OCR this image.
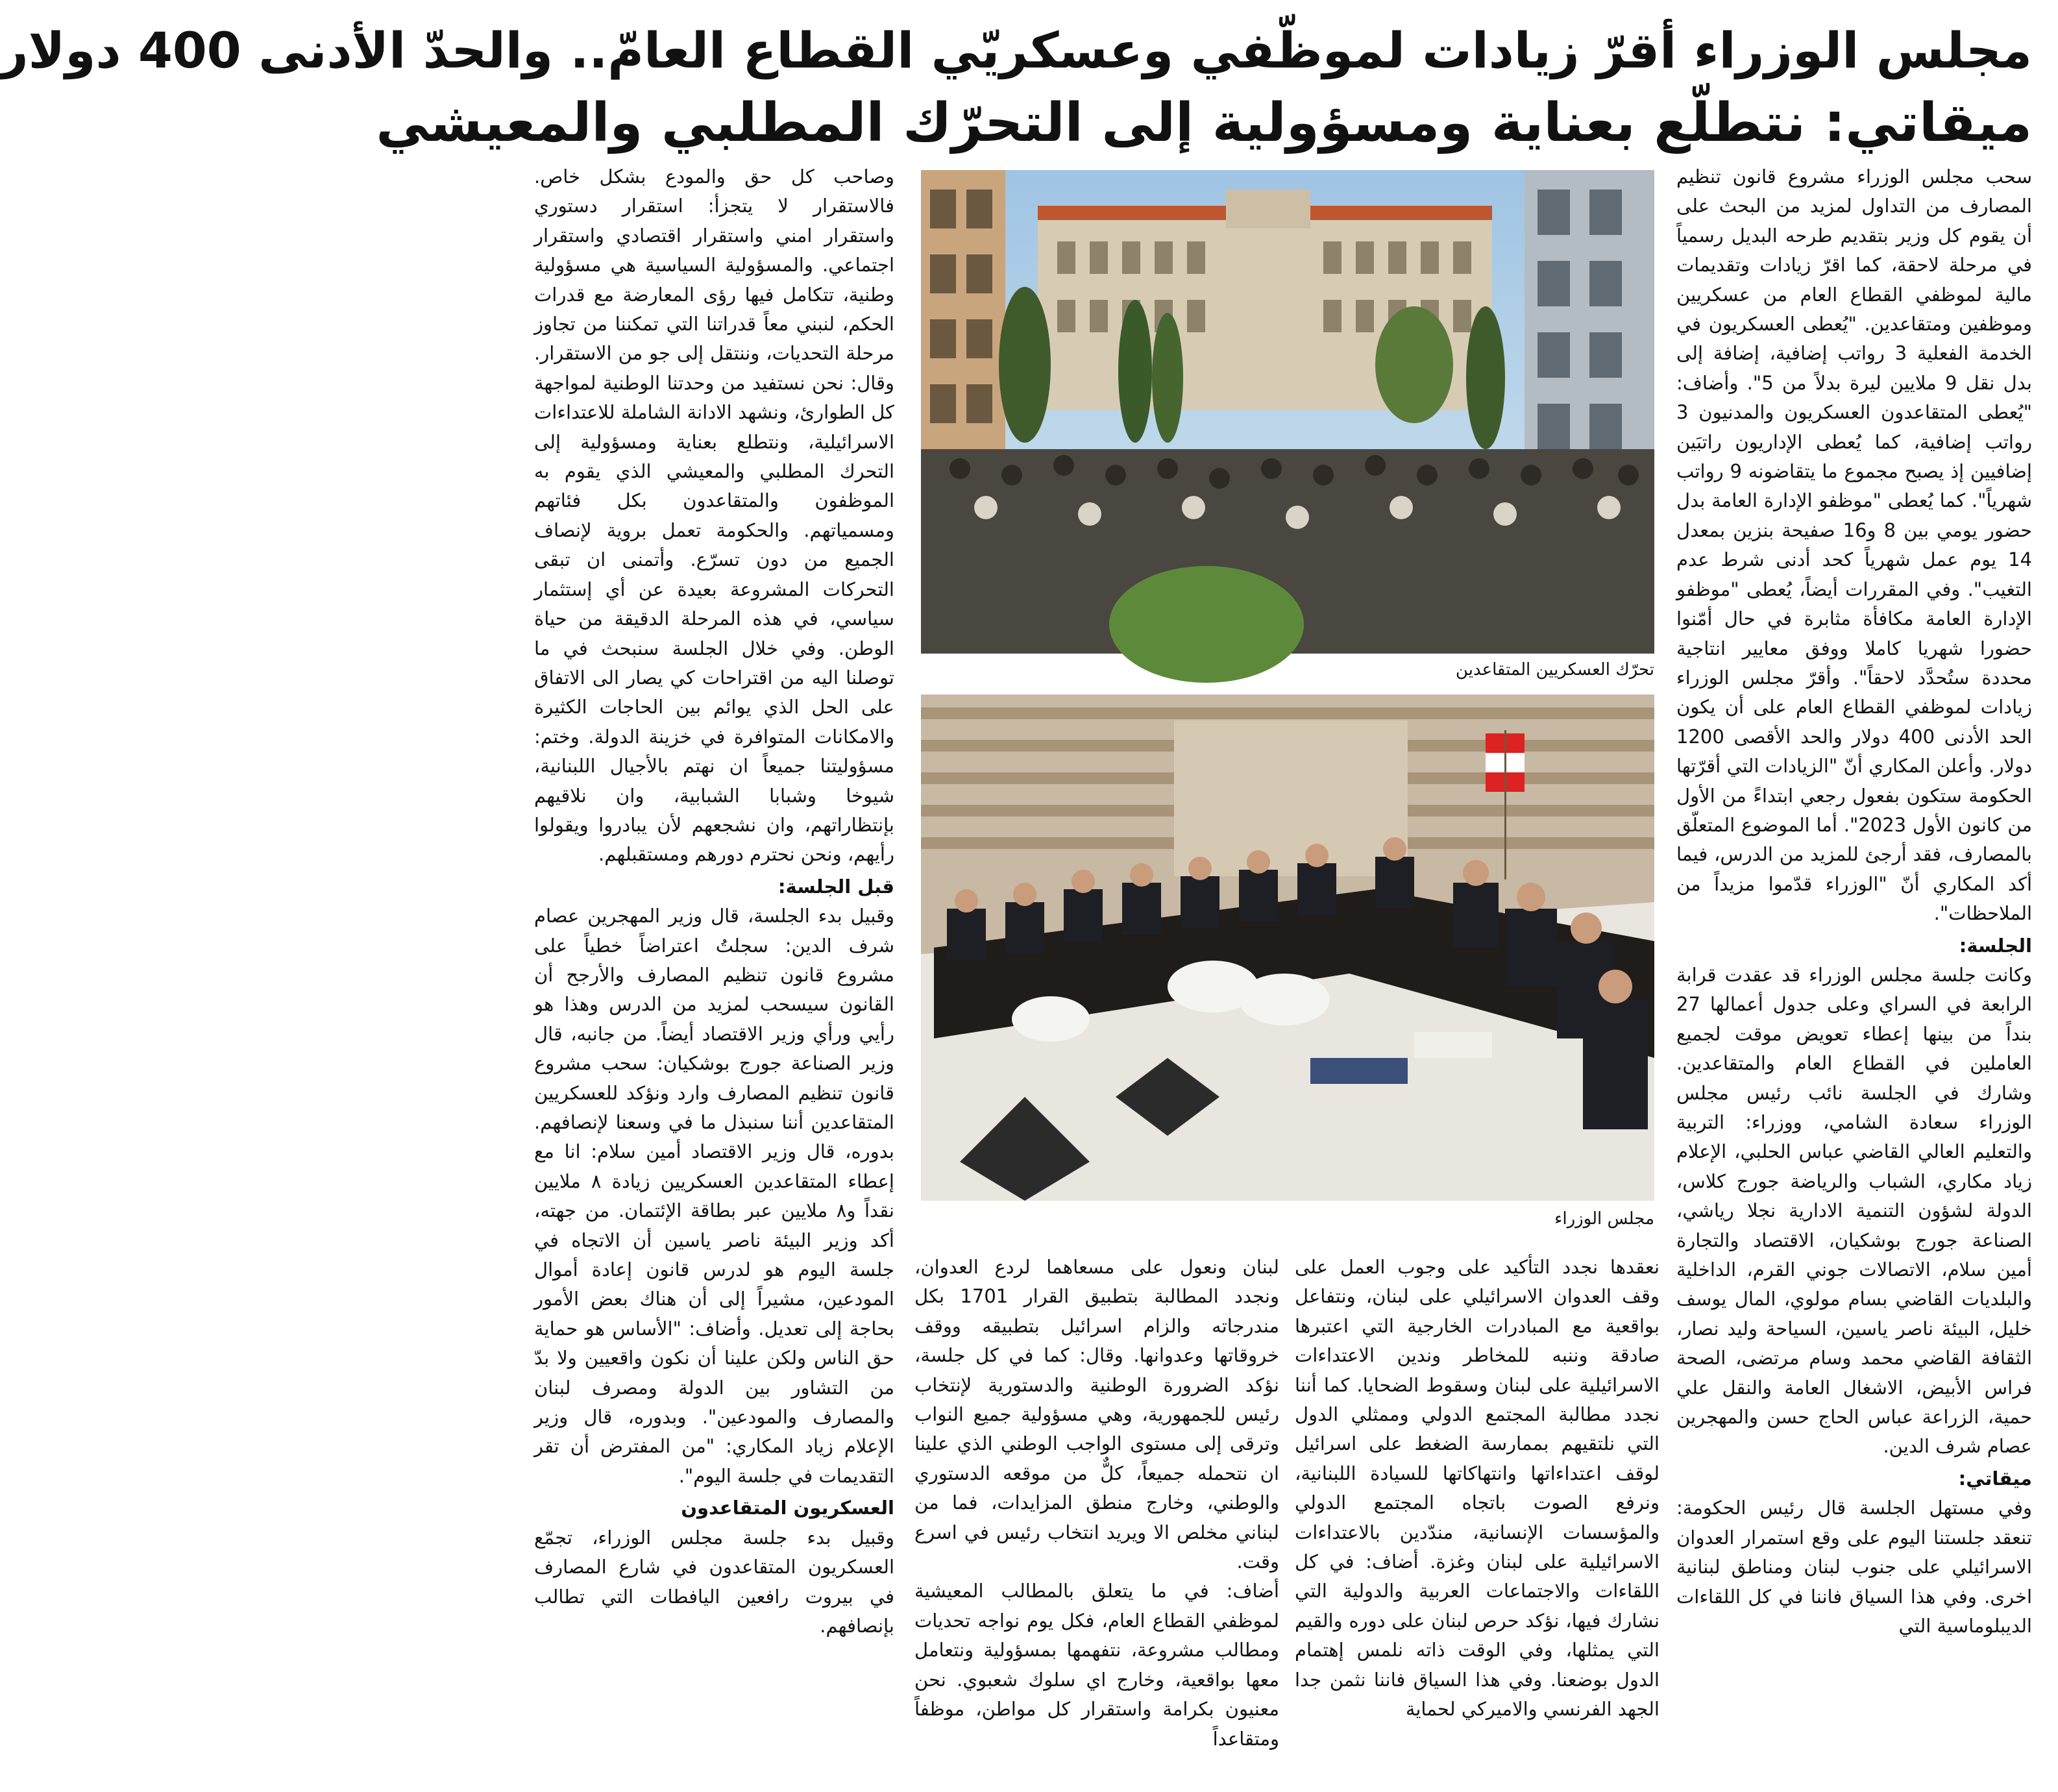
مجلس الوزراء أقرّ زيادات لموظّفي وعسكريّي القطاع العامّ.. والحدّ الأدنى 400 دولار
ميقاتي: نتطلّع بعناية ومسؤولية إلى التحرّك المطلبي والمعيشي

سحب مجلس الوزراء مشروع قانون تنظيم المصارف من التداول لمزيد من البحث على أن يقوم كل وزير بتقديم طرحه البديل رسمياً في مرحلة لاحقة، كما اقرّ زيادات وتقديمات مالية لموظفي القطاع العام من عسكريين وموظفين ومتقاعدين. "يُعطى العسكريون في الخدمة الفعلية 3 رواتب إضافية، إضافة إلى بدل نقل 9 ملايين ليرة بدلاً من 5". وأضاف: "يُعطى المتقاعدون العسكريون والمدنيون 3 رواتب إضافية، كما يُعطى الإداريون راتبَين إضافيين إذ يصبح مجموع ما يتقاضونه 9 رواتب شهرياً". كما يُعطى "موظفو الإدارة العامة بدل حضور يومي بين 8 و16 صفيحة بنزين بمعدل 14 يوم عمل شهرياً كحد أدنى شرط عدم التغيب". وفي المقررات أيضاً، يُعطى "موظفو الإدارة العامة مكافأة مثابرة في حال أمّنوا حضورا شهريا كاملا ووفق معايير انتاجية محددة ستُحدَّد لاحقاً". وأقرّ مجلس الوزراء زيادات لموظفي القطاع العام على أن يكون الحد الأدنى 400 دولار والحد الأقصى 1200 دولار. وأعلن المكاري أنّ "الزيادات التي أقرّتها الحكومة ستكون بفعول رجعي ابتداءً من الأول من كانون الأول 2023". أما الموضوع المتعلّق بالمصارف، فقد أرجئ للمزيد من الدرس، فيما أكد المكاري أنّ "الوزراء قدّموا مزيداً من الملاحظات".

الجلسة:

وكانت جلسة مجلس الوزراء قد عقدت قرابة الرابعة في السراي وعلى جدول أعمالها 27 بنداً من بينها إعطاء تعويض موقت لجميع العاملين في القطاع العام والمتقاعدين. وشارك في الجلسة نائب رئيس مجلس الوزراء سعادة الشامي، ووزراء: التربية والتعليم العالي القاضي عباس الحلبي، الإعلام زياد مكاري، الشباب والرياضة جورج كلاس، الدولة لشؤون التنمية الادارية نجلا رياشي، الصناعة جورج بوشكيان، الاقتصاد والتجارة أمين سلام، الاتصالات جوني القرم، الداخلية والبلديات القاضي بسام مولوي، المال يوسف خليل، البيئة ناصر ياسين، السياحة وليد نصار، الثقافة القاضي محمد وسام مرتضى، الصحة فراس الأبيض، الاشغال العامة والنقل علي حمية، الزراعة عباس الحاج حسن والمهجرين عصام شرف الدين.

ميقاتي:

وفي مستهل الجلسة قال رئيس الحكومة: تنعقد جلستنا اليوم على وقع استمرار العدوان الاسرائيلي على جنوب لبنان ومناطق لبنانية اخرى. وفي هذا السياق فاننا في كل اللقاءات الديبلوماسية التي

تحرّك العسكريين المتقاعدين
مجلس الوزراء

نعقدها نجدد التأكيد على وجوب العمل على وقف العدوان الاسرائيلي على لبنان، ونتفاعل بواقعية مع المبادرات الخارجية التي اعتبرها صادقة وننبه للمخاطر وندين الاعتداءات الاسرائيلية على لبنان وسقوط الضحايا. كما أننا نجدد مطالبة المجتمع الدولي وممثلي الدول التي نلتقيهم بممارسة الضغط على اسرائيل لوقف اعتداءاتها وانتهاكاتها للسيادة اللبنانية، ونرفع الصوت باتجاه المجتمع الدولي والمؤسسات الإنسانية، مندّدين بالاعتداءات الاسرائيلية على لبنان وغزة. أضاف: في كل اللقاءات والاجتماعات العربية والدولية التي نشارك فيها، نؤكد حرص لبنان على دوره والقيم التي يمثلها، وفي الوقت ذاته نلمس إهتمام الدول بوضعنا. وفي هذا السياق فاننا نثمن جدا الجهد الفرنسي والاميركي لحماية

لبنان ونعول على مسعاهما لردع العدوان، ونجدد المطالبة بتطبيق القرار 1701 بكل مندرجاته والزام اسرائيل بتطبيقه ووقف خروقاتها وعدوانها. وقال: كما في كل جلسة، نؤكد الضرورة الوطنية والدستورية لإنتخاب رئيس للجمهورية، وهي مسؤولية جميع النواب وترقى إلى مستوى الواجب الوطني الذي علينا ان نتحمله جميعاً، كلٌّ من موقعه الدستوري والوطني، وخارج منطق المزايدات، فما من لبناني مخلص الا ويريد انتخاب رئيس في اسرع وقت.

أضاف: في ما يتعلق بالمطالب المعيشية لموظفي القطاع العام، فكل يوم نواجه تحديات ومطالب مشروعة، نتفهمها بمسؤولية ونتعامل معها بواقعية، وخارج اي سلوك شعبوي. نحن معنيون بكرامة واستقرار كل مواطن، موظفاً ومتقاعداً

وصاحب كل حق والمودع بشكل خاص. فالاستقرار لا يتجزأ: استقرار دستوري واستقرار امني واستقرار اقتصادي واستقرار اجتماعي. والمسؤولية السياسية هي مسؤولية وطنية، تتكامل فيها رؤى المعارضة مع قدرات الحكم، لنبني معاً قدراتنا التي تمكننا من تجاوز مرحلة التحديات، وننتقل إلى جو من الاستقرار. وقال: نحن نستفيد من وحدتنا الوطنية لمواجهة كل الطوارئ، ونشهد الادانة الشاملة للاعتداءات الاسرائيلية، ونتطلع بعناية ومسؤولية إلى التحرك المطلبي والمعيشي الذي يقوم به الموظفون والمتقاعدون بكل فئاتهم ومسمياتهم. والحكومة تعمل بروية لإنصاف الجميع من دون تسرّع. وأتمنى ان تبقى التحركات المشروعة بعيدة عن أي إستثمار سياسي، في هذه المرحلة الدقيقة من حياة الوطن. وفي خلال الجلسة سنبحث في ما توصلنا اليه من اقتراحات كي يصار الى الاتفاق على الحل الذي يوائم بين الحاجات الكثيرة والامكانات المتوافرة في خزينة الدولة. وختم: مسؤوليتنا جميعاً ان نهتم بالأجيال اللبنانية، شيوخا وشبابا الشبابية، وان نلاقيهم بإنتظاراتهم، وان نشجعهم لأن يبادروا ويقولوا رأيهم، ونحن نحترم دورهم ومستقبلهم.

قبل الجلسة:

وقبيل بدء الجلسة، قال وزير المهجرين عصام شرف الدين: سجلتُ اعتراضاً خطياً على مشروع قانون تنظيم المصارف والأرجح أن القانون سيسحب لمزيد من الدرس وهذا هو رأيي ورأي وزير الاقتصاد أيضاً. من جانبه، قال وزير الصناعة جورج بوشكيان: سحب مشروع قانون تنظيم المصارف وارد ونؤكد للعسكريين المتقاعدين أننا سنبذل ما في وسعنا لإنصافهم. بدوره، قال وزير الاقتصاد أمين سلام: انا مع إعطاء المتقاعدين العسكريين زيادة ٨ ملايين نقداً و٨ ملايين عبر بطاقة الإئتمان. من جهته، أكد وزير البيئة ناصر ياسين أن الاتجاه في جلسة اليوم هو لدرس قانون إعادة أموال المودعين، مشيراً إلى أن هناك بعض الأمور بحاجة إلى تعديل. وأضاف: "الأساس هو حماية حق الناس ولكن علينا أن نكون واقعيين ولا بدّ من التشاور بين الدولة ومصرف لبنان والمصارف والمودعين". وبدوره، قال وزير الإعلام زياد المكاري: "من المفترض أن تقر التقديمات في جلسة اليوم".

العسكريون المتقاعدون

وقبيل بدء جلسة مجلس الوزراء، تجمّع العسكريون المتقاعدون في شارع المصارف في بيروت رافعين اليافطات التي تطالب بإنصافهم.
